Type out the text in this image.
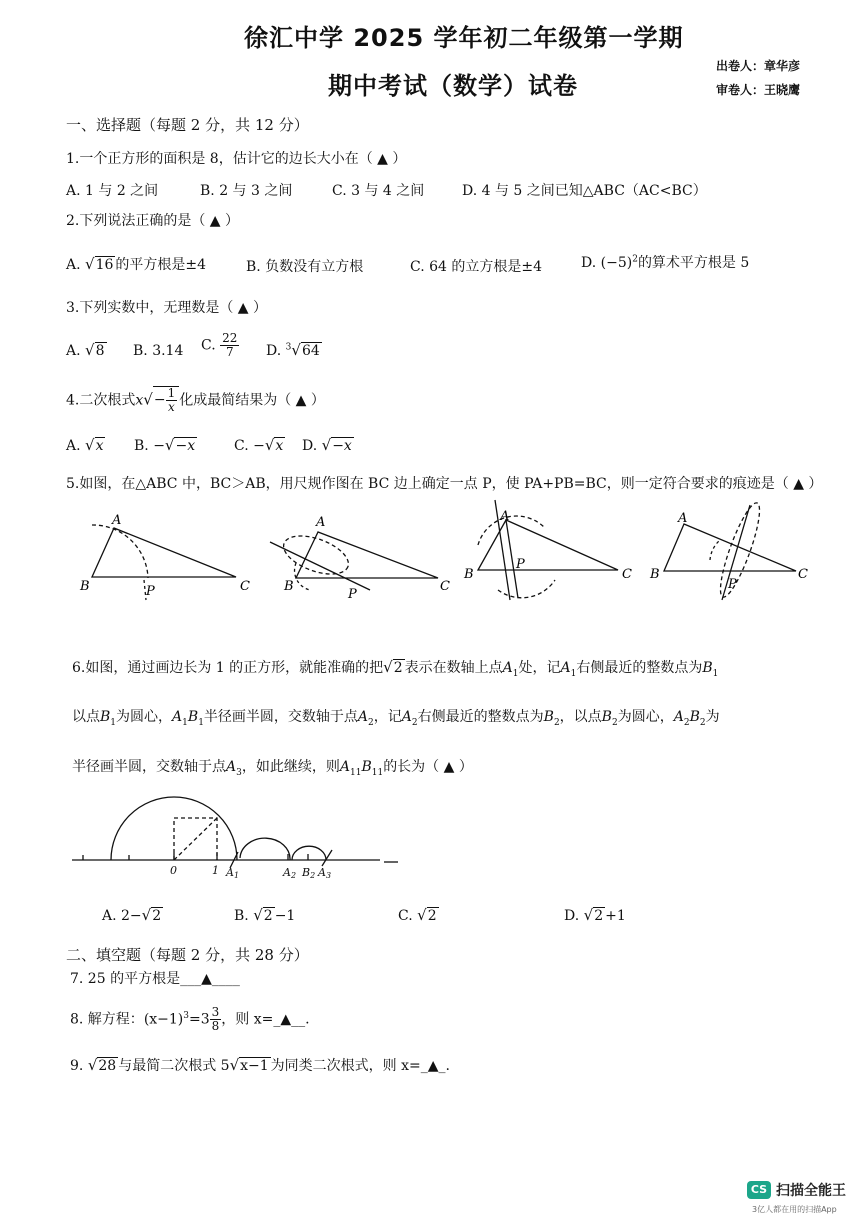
徐汇中学 2025 学年初二年级第一学期
期中考试（数学）试卷
出卷人：章华彦
审卷人：王晓鹰
一、选择题（每题 2 分，共 12 分）
1.一个正方形的面积是 8，估计它的边长大小在（ ▲ ）
A. 1 与 2 之间	B. 2 与 3 之间	C. 3 与 4 之间	D. 4 与 5 之间已知△ABC（AC<BC）
2.下列说法正确的是（ ▲ ）
A. √16 的平方根是±4	B. 负数没有立方根	C. 64 的立方根是±4	D. $(-5)^2$的算术平方根是 5
3.下列实数中，无理数是（ ▲ ）
A. √8 B. 3.14 C. $\frac{22}{7} D$. $^3$√64
4.二次根式$x√- \frac{1}{x}$ 化成最简结果为（ ▲ ）
A. √x B. −√−x	C. −√x D. √−x
5.如图，在△ABC 中，BC＞AB，用尺规作图在 BC 边上确定一点 P，使 PA+PB=BC，则一定符合要求的痕迹是（ ▲ ）
A
B	C
P
A
B	C
P
A
B	C
P
A
B	C
P
6.如图，通过画边长为 1 的正方形，就能准确的把√2 表示在数轴上点$A_1$处，记$A_1$右侧最近的整数点为$B_1$
以点$B_1$为圆心，$A_1B_1$半径画半圆，交数轴于点$A_2$，记$A_2$右侧最近的整数点为$B_2$，以点$B_2$为圆心，$A_2B_2$为
半径画半圆，交数轴于点$A_3$，如此继续，则$A_{11}B_{11}$的长为（ ▲ ）
0	1 A1	A2 B2 A3
A. 2−√2	B. √2 −1	C. √2	D. √2 +1
二、填空题（每题 2 分，共 28 分）
7. 25 的平方根是___▲____
8. 解方程：$(x-1)^3=3 \frac{3}{8}$ ，则 x=_▲__.
9. √28 与最简二次根式 5√x−1 为同类二次根式，则 x=_▲_.
CS 扫描全能王
3亿人都在用的扫描App
